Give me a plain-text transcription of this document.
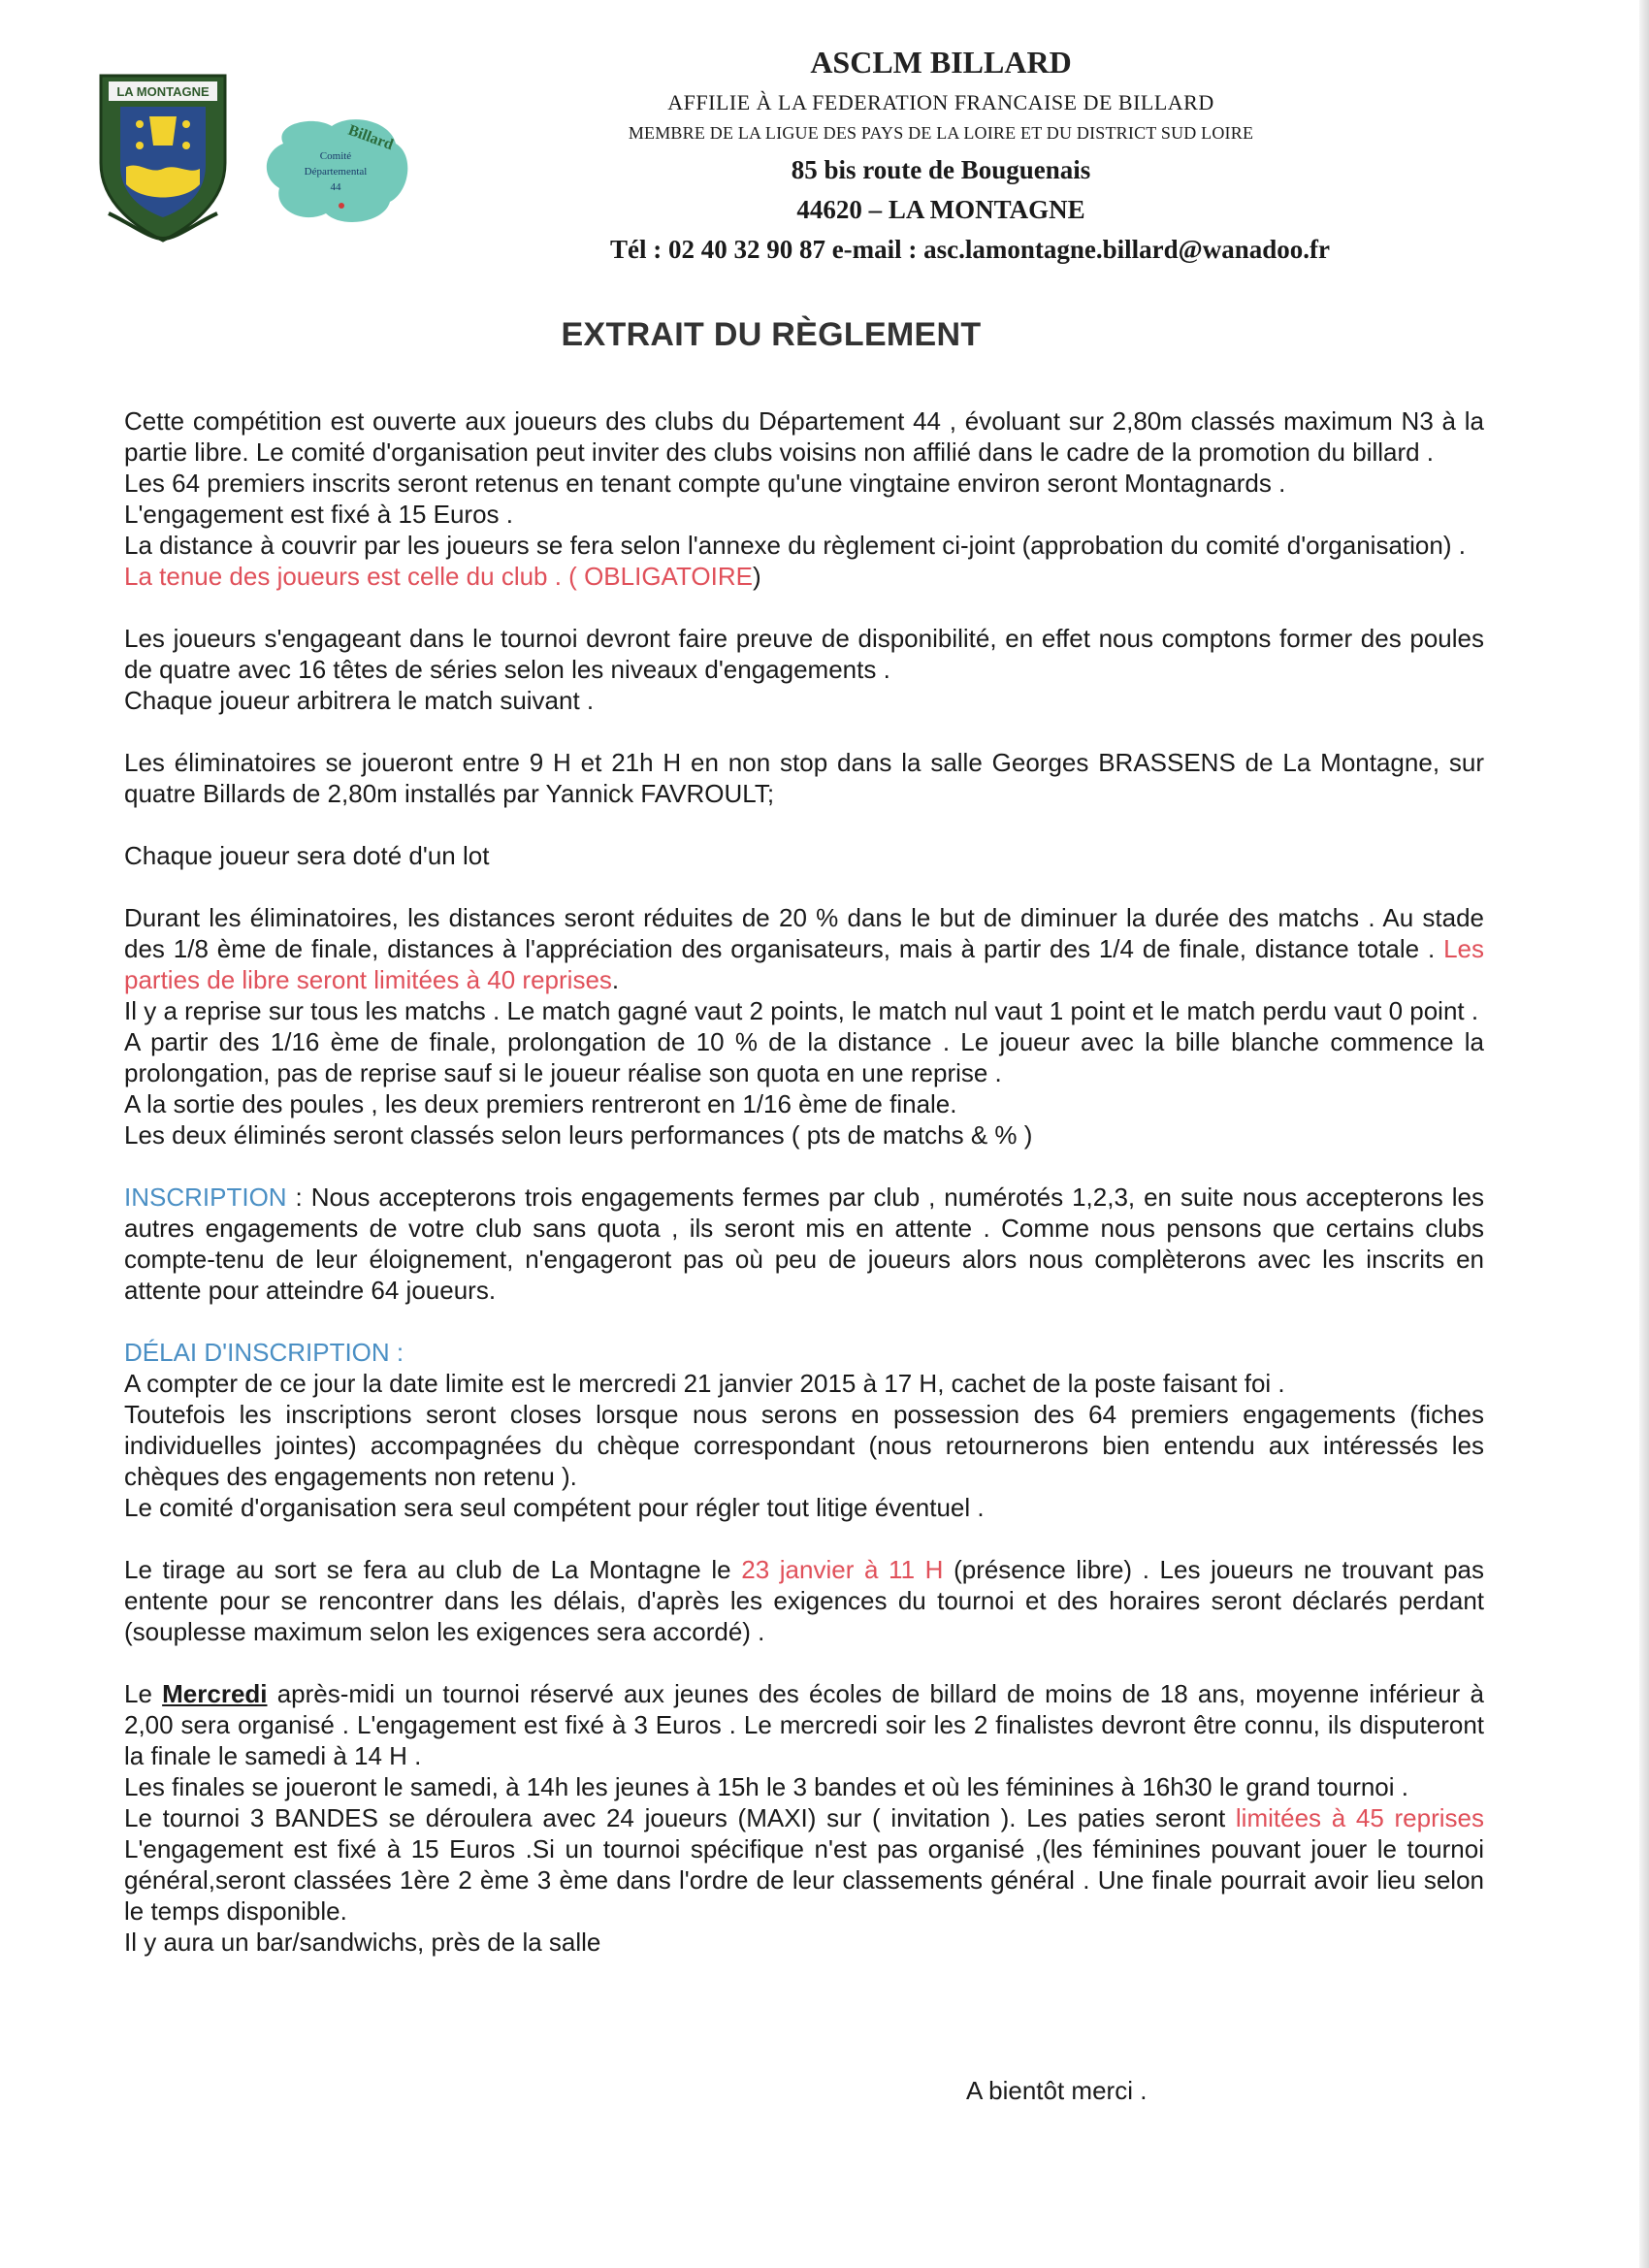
LA MONTAGNE
Billard
Comité
Départemental
44
ASCLM BILLARD
AFFILIE À LA FEDERATION FRANCAISE DE BILLARD
MEMBRE DE LA LIGUE DES PAYS DE LA LOIRE ET DU DISTRICT SUD LOIRE
85 bis route de Bouguenais
44620 – LA MONTAGNE
Tél : 02 40 32 90 87 e-mail : asc.lamontagne.billard@wanadoo.fr
EXTRAIT DU RÈGLEMENT

Cette compétition est ouverte aux joueurs des clubs du Département 44 , évoluant sur 2,80m classés maximum N3 à la partie libre. Le comité d'organisation peut inviter des clubs voisins non affilié dans le cadre de la promotion du billard .

Les 64 premiers inscrits seront retenus en tenant compte qu'une vingtaine environ seront Montagnards .

L'engagement est fixé à 15 Euros .

La distance à couvrir par les joueurs se fera selon l'annexe du règlement ci-joint (approbation du comité d'organisation) .

La tenue des joueurs est celle du club . ( OBLIGATOIRE)

Les joueurs s'engageant dans le tournoi devront faire preuve de disponibilité, en effet nous comptons former des poules de quatre avec 16 têtes de séries selon les niveaux d'engagements .

Chaque joueur arbitrera le match suivant .

Les éliminatoires se joueront entre 9 H et 21h H en non stop dans la salle Georges BRASSENS de La Montagne, sur quatre Billards de 2,80m installés par Yannick FAVROULT;

Chaque joueur sera doté d'un lot

Durant les éliminatoires, les distances seront réduites de 20 % dans le but de diminuer la durée des matchs . Au stade des 1/8 ème de finale, distances à l'appréciation des organisateurs, mais à partir des 1/4 de finale, distance totale . Les parties de libre seront limitées à 40 reprises.

Il y a reprise sur tous les matchs . Le match gagné vaut 2 points, le match nul vaut 1 point et le match perdu vaut 0 point .

A partir des 1/16 ème de finale, prolongation de 10 % de la distance . Le joueur avec la bille blanche commence la prolongation, pas de reprise sauf si le joueur réalise son quota en une reprise .

A la sortie des poules , les deux premiers rentreront en 1/16 ème de finale.

Les deux éliminés seront classés selon leurs performances ( pts de matchs & % )

INSCRIPTION : Nous accepterons trois engagements fermes par club , numérotés 1,2,3, en suite nous accepterons les autres engagements de votre club sans quota , ils seront mis en attente . Comme nous pensons que certains clubs compte-tenu de leur éloignement, n'engageront pas où peu de joueurs alors nous complèterons avec les inscrits en attente pour atteindre 64 joueurs.

DÉLAI D'INSCRIPTION :

A compter de ce jour la date limite est le mercredi 21 janvier 2015 à 17 H, cachet de la poste faisant foi .

Toutefois les inscriptions seront closes lorsque nous serons en possession des 64 premiers engagements (fiches individuelles jointes) accompagnées du chèque correspondant (nous retournerons bien entendu aux intéressés les chèques des engagements non retenu ).

Le comité d'organisation sera seul compétent pour régler tout litige éventuel .

Le tirage au sort se fera au club de La Montagne le 23 janvier à 11 H (présence libre) . Les joueurs ne trouvant pas entente pour se rencontrer dans les délais, d'après les exigences du tournoi et des horaires seront déclarés perdant (souplesse maximum selon les exigences sera accordé) .

Le Mercredi après-midi un tournoi réservé aux jeunes des écoles de billard de moins de 18 ans, moyenne inférieur à 2,00 sera organisé . L'engagement est fixé à 3 Euros . Le mercredi soir les 2 finalistes devront être connu, ils disputeront la finale le samedi à 14 H .

Les finales se joueront le samedi, à 14h les jeunes à 15h le 3 bandes et où les féminines à 16h30 le grand tournoi .

Le tournoi 3 BANDES se déroulera avec 24 joueurs (MAXI) sur ( invitation ). Les paties seront limitées à 45 reprises L'engagement est fixé à 15 Euros .Si un tournoi spécifique n'est pas organisé ,(les féminines pouvant jouer le tournoi général,seront classées 1ère 2 ème 3 ème dans l'ordre de leur classements général . Une finale pourrait avoir lieu selon le temps disponible.

Il y aura un bar/sandwichs, près de la salle

A bientôt merci .
